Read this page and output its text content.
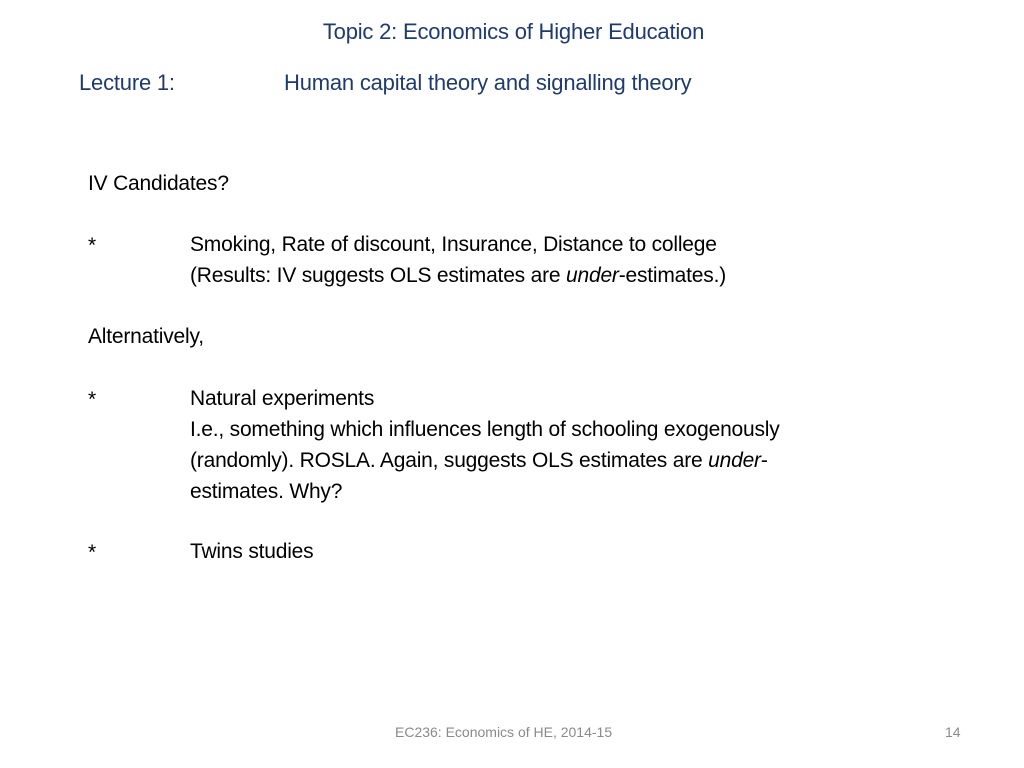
Topic 2: Economics of Higher Education
Lecture 1:	Human capital theory and signalling theory
IV Candidates?
*	Smoking, Rate of discount, Insurance, Distance to college
(Results: IV suggests OLS estimates are under-estimates.)
Alternatively,
*	Natural experiments
I.e., something which influences length of schooling exogenously
(randomly). ROSLA. Again, suggests OLS estimates are under-
estimates. Why?
*	Twins studies
EC236: Economics of HE, 2014-15	14
